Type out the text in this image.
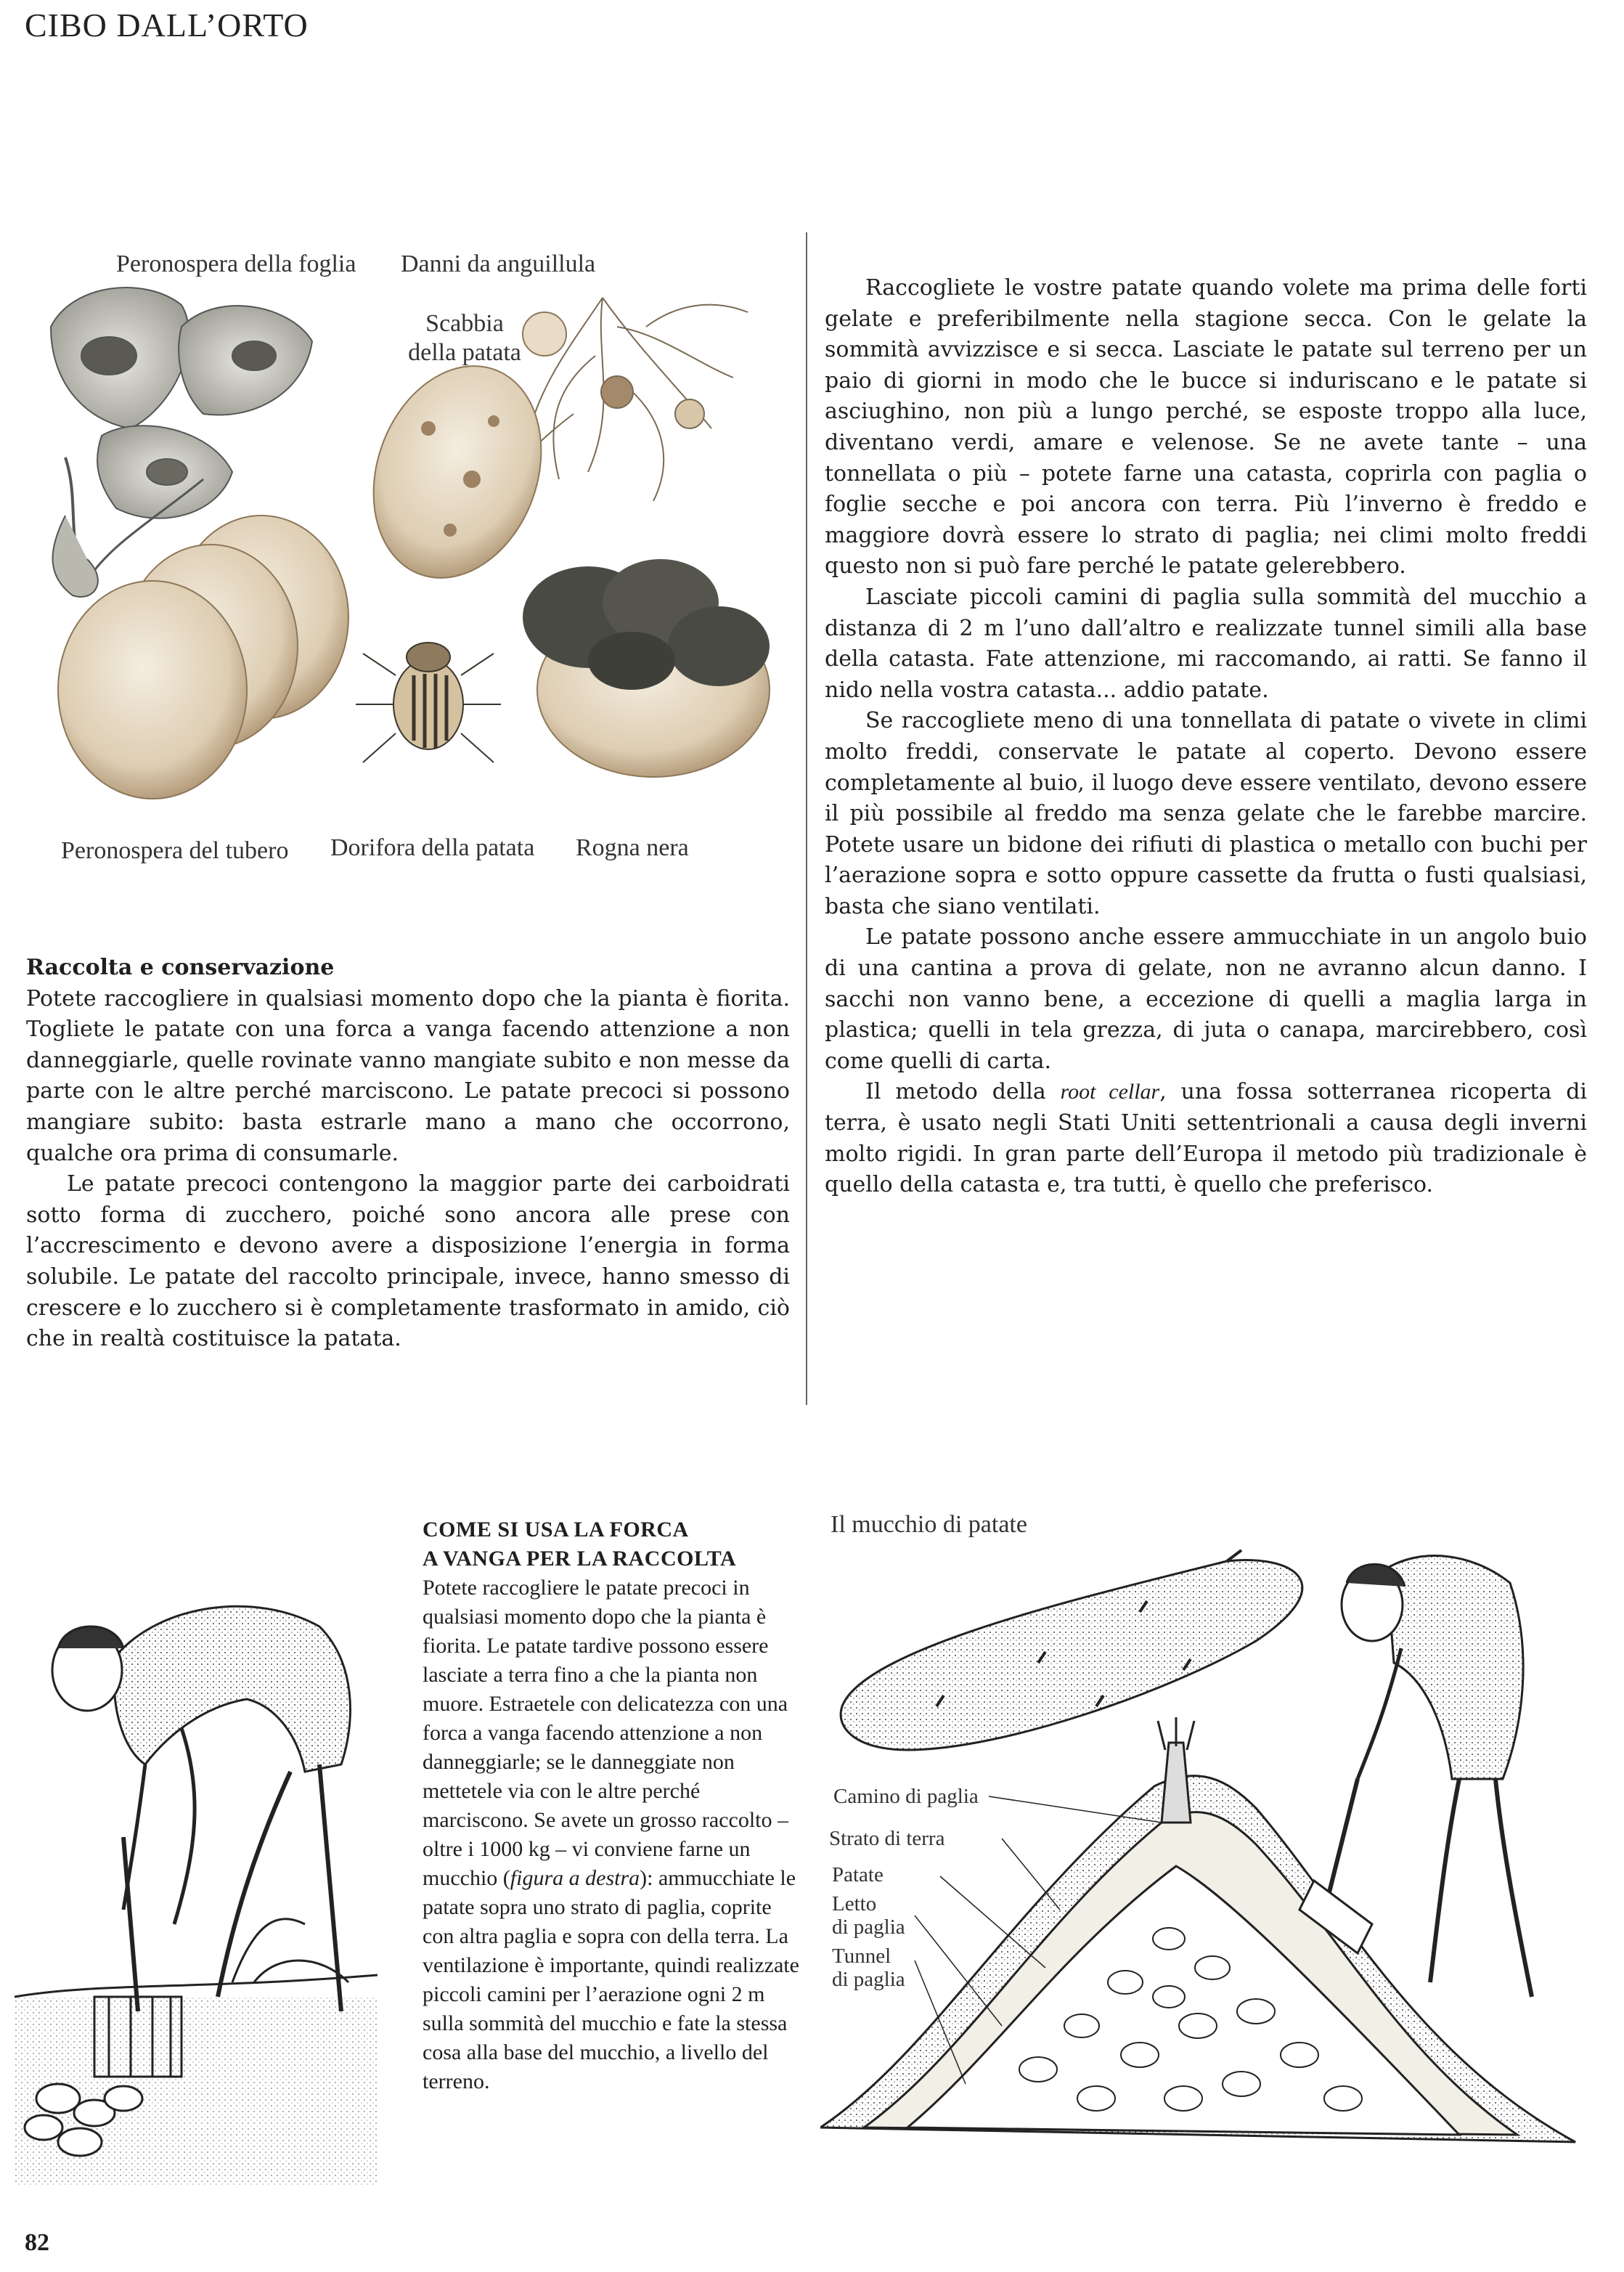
CIBO DALL’ORTO
Peronospera della foglia Danni da anguillula
Scabbia
della patata
Peronospera del tubero Dorifora della patata Rogna nera

Raccolta e conservazione

Potete raccogliere in qualsiasi momento dopo che la pianta è fiorita. Togliete le patate con una forca a vanga facendo attenzione a non danneggiarle, quelle rovinate vanno mangiate subito e non messe da parte con le altre perché marciscono. Le patate precoci si possono mangiare subito: basta estrarle mano a mano che occorrono, qualche ora prima di consumarle.

Le patate precoci contengono la maggior parte dei carboidrati sotto forma di zucchero, poiché sono ancora alle prese con l’accrescimento e devono avere a disposizione l’energia in forma solubile. Le patate del raccolto principale, invece, hanno smesso di crescere e lo zucchero si è completamente trasformato in amido, ciò che in realtà costituisce la patata.

Raccogliete le vostre patate quando volete ma prima delle forti gelate e preferibilmente nella stagione secca. Con le gelate la sommità avvizzisce e si secca. Lasciate le patate sul terreno per un paio di giorni in modo che le bucce si induriscano e le patate si asciughino, non più a lungo perché, se esposte troppo alla luce, diventano verdi, amare e velenose. Se ne avete tante – una tonnellata o più – potete farne una catasta, coprirla con paglia o foglie secche e poi ancora con terra. Più l’inverno è freddo e maggiore dovrà essere lo strato di paglia; nei climi molto freddi questo non si può fare perché le patate gelerebbero.

Lasciate piccoli camini di paglia sulla sommità del mucchio a distanza di 2 m l’uno dall’altro e realizzate tunnel simili alla base della catasta. Fate attenzione, mi raccomando, ai ratti. Se fanno il nido nella vostra catasta... addio patate.

Se raccogliete meno di una tonnellata di patate o vivete in climi molto freddi, conservate le patate al coperto. Devono essere completamente al buio, il luogo deve essere ventilato, devono essere il più possibile al freddo ma senza gelate che le farebbe marcire. Potete usare un bidone dei rifiuti di plastica o metallo con buchi per l’aerazione sopra e sotto oppure cassette da frutta o fusti qualsiasi, basta che siano ventilati.

Le patate possono anche essere ammucchiate in un angolo buio di una cantina a prova di gelate, non ne avranno alcun danno. I sacchi non vanno bene, a eccezione di quelli a maglia larga in plastica; quelli in tela grezza, di juta o canapa, marcirebbero, così come quelli di carta.

Il metodo della root cellar, una fossa sotterranea ricoperta di terra, è usato negli Stati Uniti settentrionali a causa degli inverni molto rigidi. In gran parte dell’Europa il metodo più tradizionale è quello della catasta e, tra tutti, è quello che preferisco.

COME SI USA LA FORCA
A VANGA PER LA RACCOLTA
Potete raccogliere le patate precoci in qualsiasi momento dopo che la pianta è fiorita. Le patate tardive possono essere lasciate a terra fino a che la pianta non muore. Estraetele con delicatezza con una forca a vanga facendo attenzione a non danneggiarle; se le danneggiate non mettetele via con le altre perché marciscono. Se avete un grosso raccolto – oltre i 1000 kg – vi conviene farne un mucchio (figura a destra): ammucchiate le patate sopra uno strato di paglia, coprite con altra paglia e sopra con della terra. La ventilazione è importante, quindi realizzate piccoli camini per l’aerazione ogni 2 m sulla sommità del mucchio e fate la stessa cosa alla base del mucchio, a livello del terreno.
Il mucchio di patate
Camino di paglia
Strato di terra
Patate
Letto
di paglia
Tunnel
di paglia
82
